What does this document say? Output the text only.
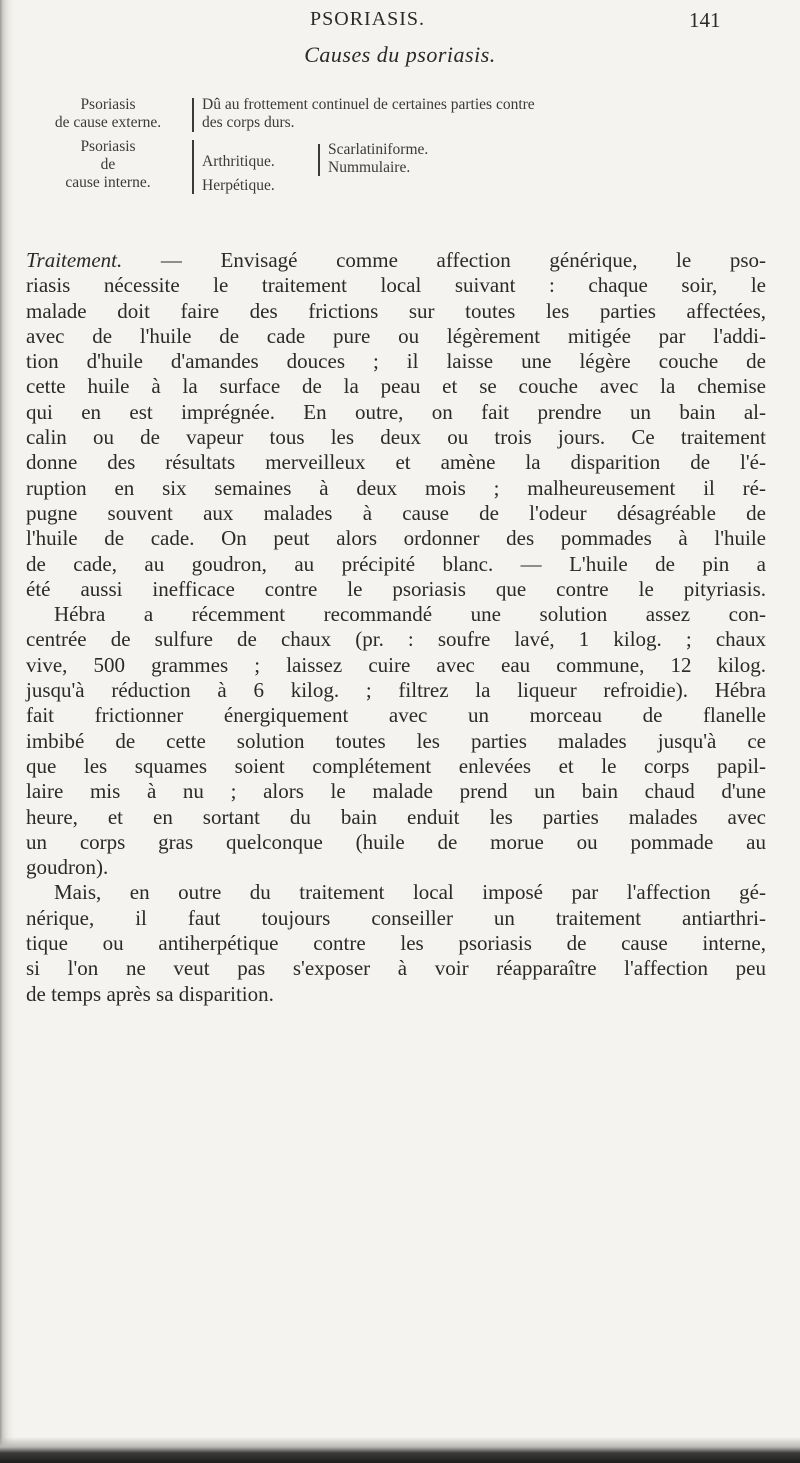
PSORIASIS.	141
Causes du psoriasis.
Psoriasis
de cause externe.
Dû au frottement continuel de certaines parties contre
des corps durs.
Psoriasis
de
cause interne.
Arthritique.
Herpétique.
Scarlatiniforme.
Nummulaire.

Traitement. — Envisagé comme affection générique, le pso-
riasis nécessite le traitement local suivant : chaque soir, le
malade doit faire des frictions sur toutes les parties affectées,
avec de l'huile de cade pure ou légèrement mitigée par l'addi-
tion d'huile d'amandes douces ; il laisse une légère couche de
cette huile à la surface de la peau et se couche avec la chemise
qui en est imprégnée. En outre, on fait prendre un bain al-
calin ou de vapeur tous les deux ou trois jours. Ce traitement
donne des résultats merveilleux et amène la disparition de l'é-
ruption en six semaines à deux mois ; malheureusement il ré-
pugne souvent aux malades à cause de l'odeur désagréable de
l'huile de cade. On peut alors ordonner des pommades à l'huile
de cade, au goudron, au précipité blanc. — L'huile de pin a
été aussi inefficace contre le psoriasis que contre le pityriasis.
Hébra a récemment recommandé une solution assez con-
centrée de sulfure de chaux (pr. : soufre lavé, 1 kilog. ; chaux
vive, 500 grammes ; laissez cuire avec eau commune, 12 kilog.
jusqu'à réduction à 6 kilog. ; filtrez la liqueur refroidie). Hébra
fait frictionner énergiquement avec un morceau de flanelle
imbibé de cette solution toutes les parties malades jusqu'à ce
que les squames soient complétement enlevées et le corps papil-
laire mis à nu ; alors le malade prend un bain chaud d'une
heure, et en sortant du bain enduit les parties malades avec
un corps gras quelconque (huile de morue ou pommade au
goudron).

Mais, en outre du traitement local imposé par l'affection gé-
nérique, il faut toujours conseiller un traitement antiarthri-
tique ou antiherpétique contre les psoriasis de cause interne,
si l'on ne veut pas s'exposer à voir réapparaître l'affection peu
de temps après sa disparition.
